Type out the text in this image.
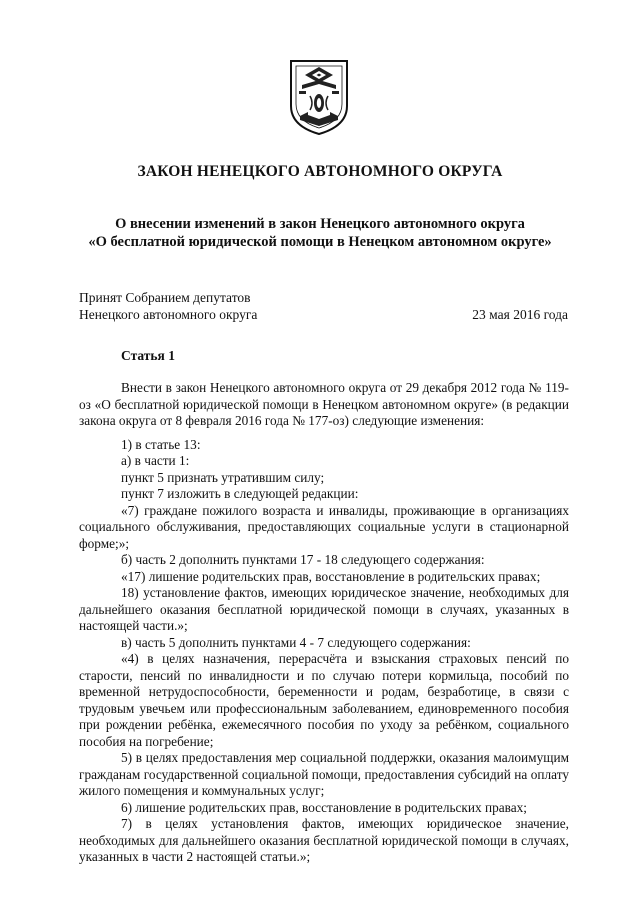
ЗАКОН НЕНЕЦКОГО АВТОНОМНОГО ОКРУГА
О внесении изменений в закон Ненецкого автономного округа
«О бесплатной юридической помощи в Ненецком автономном округе»
Принят Собранием депутатов
Ненецкого автономного округа	23 мая 2016 года
Статья 1

Внести в закон Ненецкого автономного округа от 29 декабря 2012 года № 119-оз «О бесплатной юридической помощи в Ненецком автономном округе» (в редакции закона округа от 8 февраля 2016 года № 177-оз) следующие изменения:

1) в статье 13:

а) в части 1:

пункт 5 признать утратившим силу;

пункт 7 изложить в следующей редакции:

«7) граждане пожилого возраста и инвалиды, проживающие в организациях социального обслуживания, предоставляющих социальные услуги в стационарной форме;»;

б) часть 2 дополнить пунктами 17 - 18 следующего содержания:

«17) лишение родительских прав, восстановление в родительских правах;

18) установление фактов, имеющих юридическое значение, необходимых для дальнейшего оказания бесплатной юридической помощи в случаях, указанных в настоящей части.»;

в) часть 5 дополнить пунктами 4 - 7 следующего содержания:

«4) в целях назначения, перерасчёта и взыскания страховых пенсий по старости, пенсий по инвалидности и по случаю потери кормильца, пособий по временной нетрудоспособности, беременности и родам, безработице, в связи с трудовым увечьем или профессиональным заболеванием, единовременного пособия при рождении ребёнка, ежемесячного пособия по уходу за ребёнком, социального пособия на погребение;

5) в целях предоставления мер социальной поддержки, оказания малоимущим гражданам государственной социальной помощи, предоставления субсидий на оплату жилого помещения и коммунальных услуг;

6) лишение родительских прав, восстановление в родительских правах;

7) в целях установления фактов, имеющих юридическое значение, необходимых для дальнейшего оказания бесплатной юридической помощи в случаях, указанных в части 2 настоящей статьи.»;
